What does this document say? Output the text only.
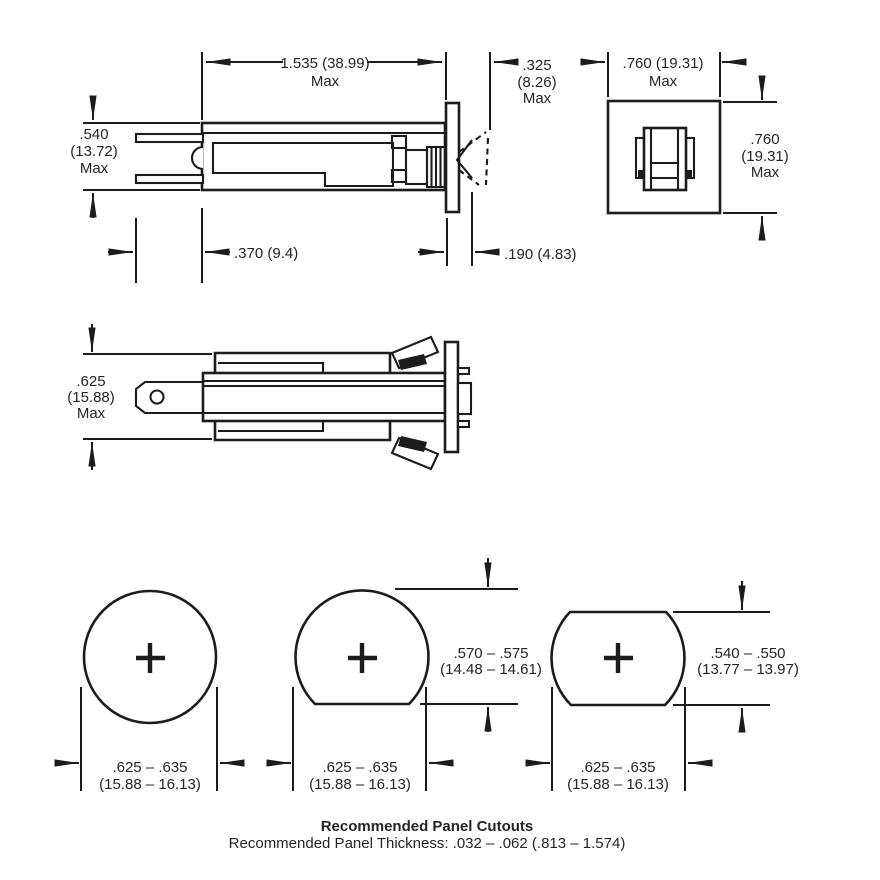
1.535 (38.99)
Max
.540
(13.72)
Max
.370 (9.4)
.325
(8.26)
Max
.190 (4.83)
.760 (19.31)
Max
.760
(19.31)
Max
.625
(15.88)
Max
.625 – .635
(15.88 – 16.13)
.625 – .635
(15.88 – 16.13)
.570 – .575
(14.48 – 14.61)
.625 – .635
(15.88 – 16.13)
.540 – .550
(13.77 – 13.97)
Recommended Panel Cutouts
Recommended Panel Thickness: .032 – .062 (.813 – 1.574)
